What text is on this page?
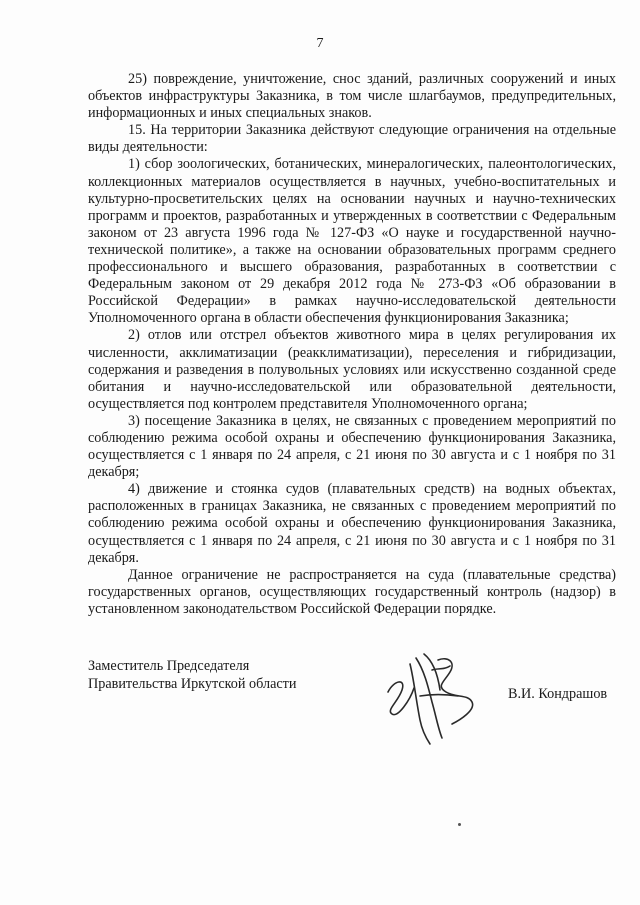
7

25) повреждение, уничтожение, снос зданий, различных сооружений и иных объектов инфраструктуры Заказника, в том числе шлагбаумов, предупредительных, информационных и иных специальных знаков.

15. На территории Заказника действуют следующие ограничения на отдельные виды деятельности:

1) сбор зоологических, ботанических, минералогических, палеонтологических, коллекционных материалов осуществляется в научных, учебно-воспитательных и культурно-просветительских целях на основании научных и научно-технических программ и проектов, разработанных и утвержденных в соответствии с Федеральным законом от 23 августа 1996 года № 127-ФЗ «О науке и государственной научно-технической политике», а также на основании образовательных программ среднего профессионального и высшего образования, разработанных в соответствии с Федеральным законом от 29 декабря 2012 года № 273-ФЗ «Об образовании в Российской Федерации» в рамках научно-исследовательской деятельности Уполномоченного органа в области обеспечения функционирования Заказника;

2) отлов или отстрел объектов животного мира в целях регулирования их численности, акклиматизации (реакклиматизации), переселения и гибридизации, содержания и разведения в полувольных условиях или искусственно созданной среде обитания и научно-исследовательской или образовательной деятельности, осуществляется под контролем представителя Уполномоченного органа;

3) посещение Заказника в целях, не связанных с проведением мероприятий по соблюдению режима особой охраны и обеспечению функционирования Заказника, осуществляется с 1 января по 24 апреля, с 21 июня по 30 августа и с 1 ноября по 31 декабря;

4) движение и стоянка судов (плавательных средств) на водных объектах, расположенных в границах Заказника, не связанных с проведением мероприятий по соблюдению режима особой охраны и обеспечению функционирования Заказника, осуществляется с 1 января по 24 апреля, с 21 июня по 30 августа и с 1 ноября по 31 декабря.

Данное ограничение не распространяется на суда (плавательные средства) государственных органов, осуществляющих государственный контроль (надзор) в установленном законодательством Российской Федерации порядке.

Заместитель Председателя
Правительства Иркутской области
В.И. Кондрашов
